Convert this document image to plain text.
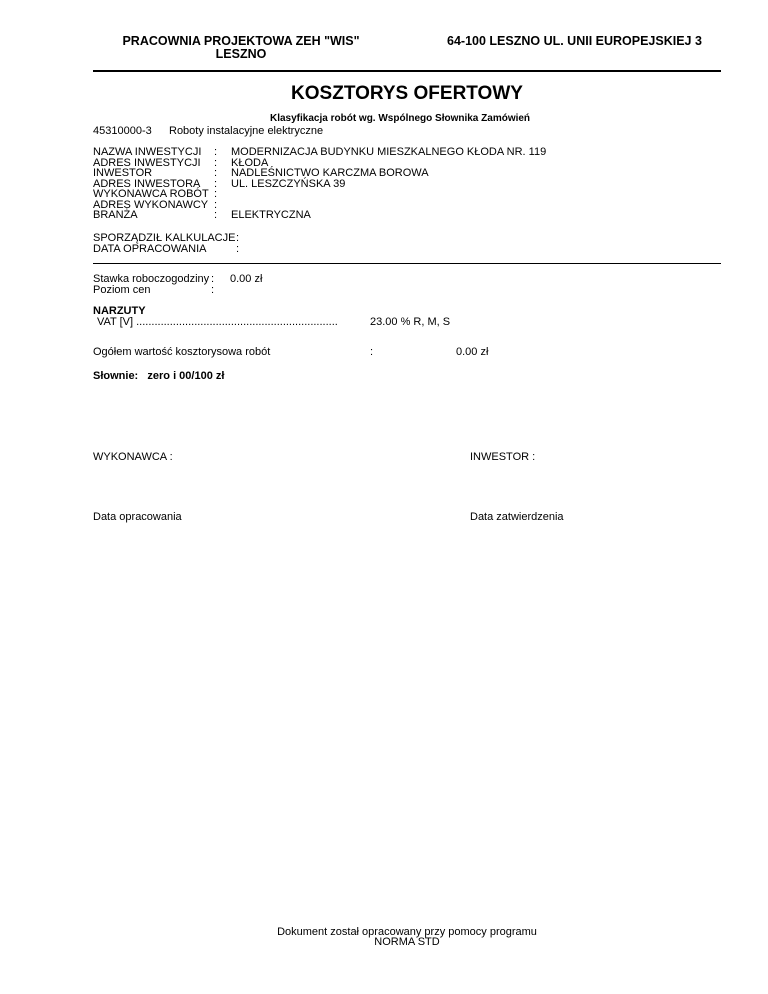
PRACOWNIA PROJEKTOWA ZEH "WIS"
LESZNO
64-100 LESZNO UL. UNII EUROPEJSKIEJ 3
KOSZTORYS OFERTOWY
Klasyfikacja robót wg. Wspólnego Słownika Zamówień
45310000-3 Roboty instalacyjne elektryczne
NAZWA INWESTYCJI : MODERNIZACJA BUDYNKU MIESZKALNEGO KŁODA NR. 119
ADRES INWESTYCJI : KŁODA
INWESTOR	: NADLEŚNICTWO KARCZMA BOROWA
ADRES INWESTORA : UL. LESZCZYŃSKA 39
WYKONAWCA ROBÓT :
ADRES WYKONAWCY :
BRANŻA	: ELEKTRYCZNA
SPORZĄDZIŁ KALKULACJE :
DATA OPRACOWANIA	:
Stawka roboczogodziny : 0.00 zł
Poziom cen	:
NARZUTY
VAT [V] ..................................................................	23.00 % R, M, S
Ogółem wartość kosztorysowa robót	:	0.00 zł
Słownie:   zero i 00/100 zł
WYKONAWCA :	INWESTOR :
Data opracowania	Data zatwierdzenia
Dokument został opracowany przy pomocy programu
NORMA STD
